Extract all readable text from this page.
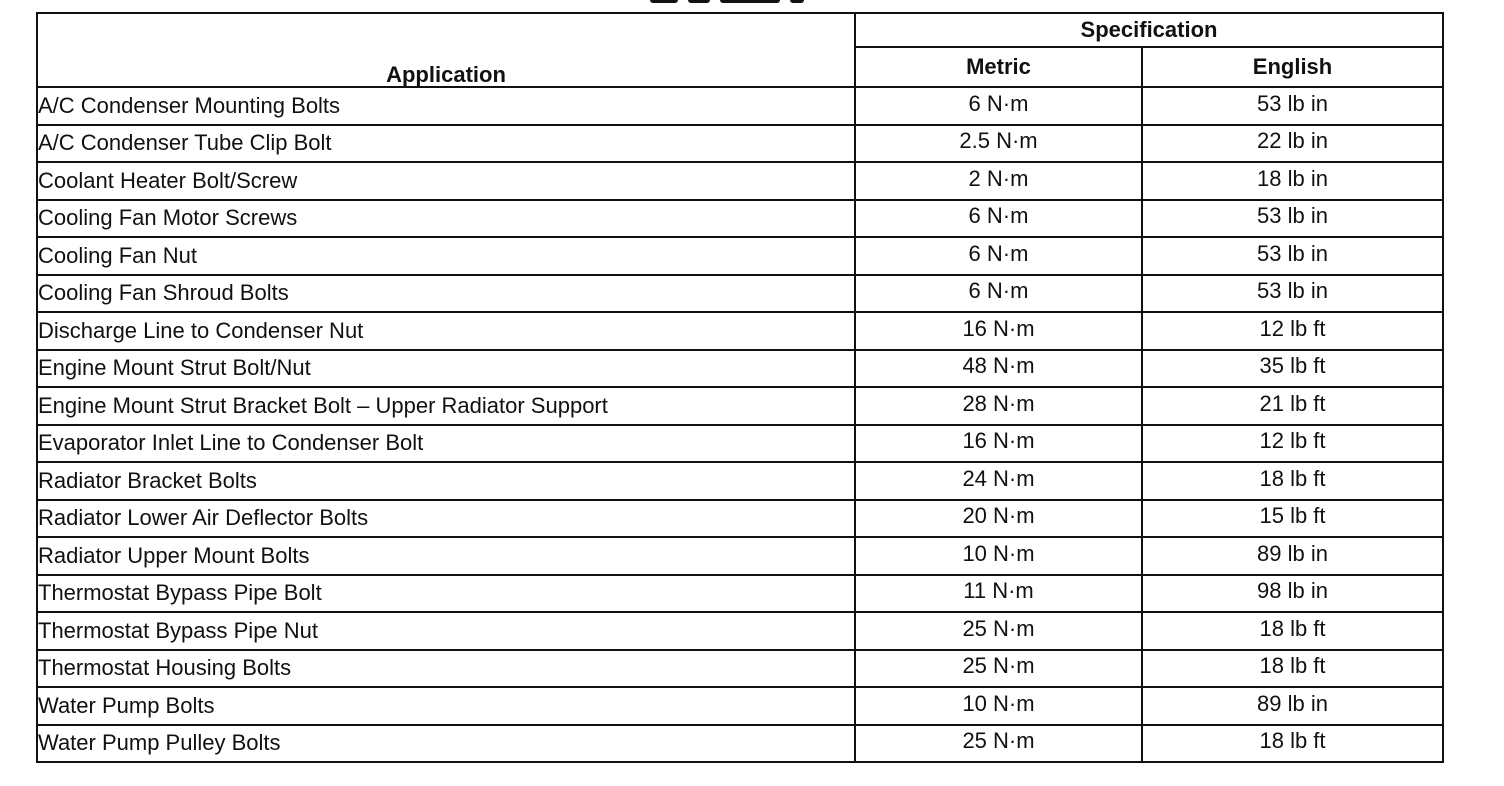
Application	Specification	
	Metric	English
A/C Condenser Mounting Bolts	6 N·m	53 lb in
A/C Condenser Tube Clip Bolt	2.5 N·m	22 lb in
Coolant Heater Bolt/Screw	2 N·m	18 lb in
Cooling Fan Motor Screws	6 N·m	53 lb in
Cooling Fan Nut	6 N·m	53 lb in
Cooling Fan Shroud Bolts	6 N·m	53 lb in
Discharge Line to Condenser Nut	16 N·m	12 lb ft
Engine Mount Strut Bolt/Nut	48 N·m	35 lb ft
Engine Mount Strut Bracket Bolt – Upper Radiator Support	28 N·m	21 lb ft
Evaporator Inlet Line to Condenser Bolt	16 N·m	12 lb ft
Radiator Bracket Bolts	24 N·m	18 lb ft
Radiator Lower Air Deflector Bolts	20 N·m	15 lb ft
Radiator Upper Mount Bolts	10 N·m	89 lb in
Thermostat Bypass Pipe Bolt	11 N·m	98 lb in
Thermostat Bypass Pipe Nut	25 N·m	18 lb ft
Thermostat Housing Bolts	25 N·m	18 lb ft
Water Pump Bolts	10 N·m	89 lb in
Water Pump Pulley Bolts	25 N·m	18 lb ft
